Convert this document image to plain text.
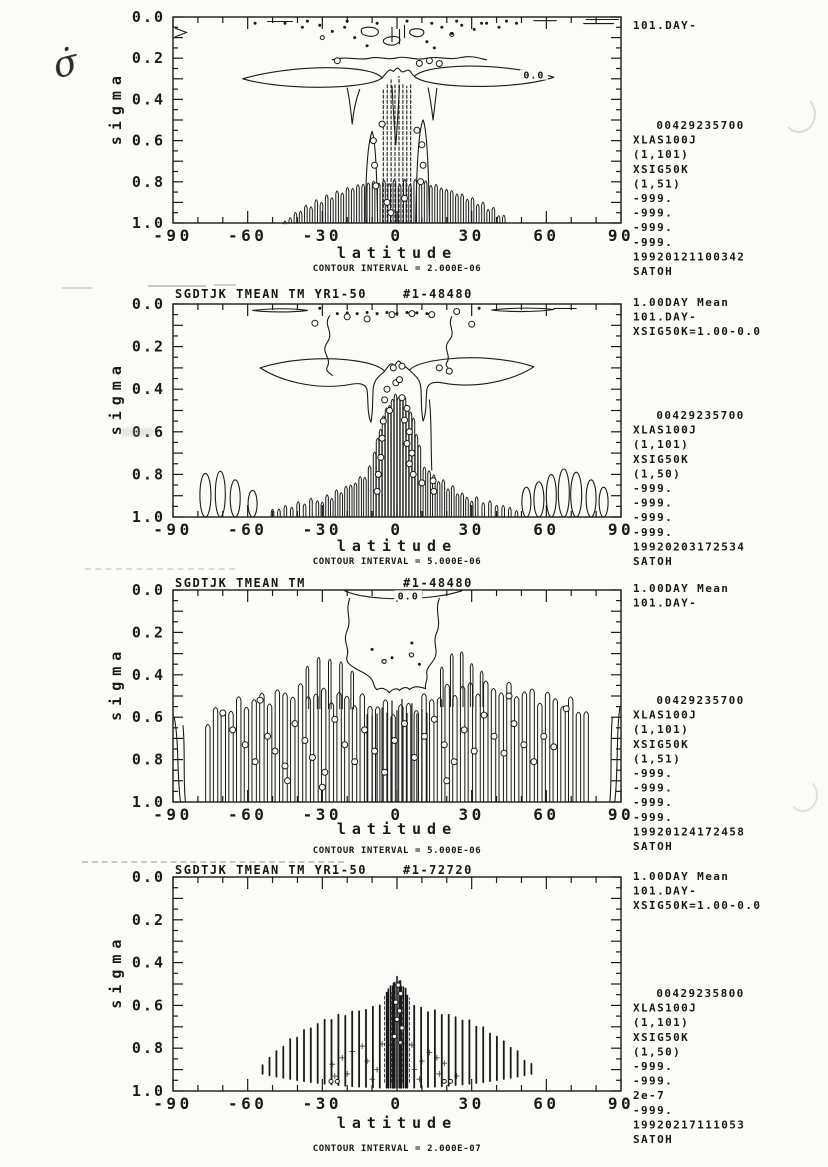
σ̇
0.0
0.2
0.4
0.6
0.8
1.0
-90 -60 -30	0	30	60	90
latitude
sigma
CONTOUR INTERVAL = 2.000E-06
0.0
101.DAY-
00429235700
XLAS100J
(1,101)
XSIG50K
(1,51)
-999.
-999.
-999.
-999.
19920121100342
SATOH
0.0
0.2
0.4
0.6
0.8
1.0
-90 -60 -30	0	30	60	90
latitude
sigma
SGDTJK TMEAN TM YR1-50	#1-48480
CONTOUR INTERVAL = 5.000E-06
1.00DAY Mean
101.DAY-
XSIG50K=1.00-0.0
00429235700
XLAS100J
(1,101)
XSIG50K
(1,50)
-999.
-999.
-999.
-999.
19920203172534
SATOH
0.0
0.2
0.4
0.6
0.8
1.0
-90 -60 -30	0	30	60	90
latitude
sigma
SGDTJK TMEAN TM	#1-48480
CONTOUR INTERVAL = 5.000E-06
0.0
1.00DAY Mean
101.DAY-
00429235700
XLAS100J
(1,101)
XSIG50K
(1,51)
-999.
-999.
-999.
-999.
19920124172458
SATOH
0.0
0.2
0.4
0.6
0.8
1.0
-90 -60 -30	0	30	60	90
latitude
sigma
SGDTJK TMEAN TM YR1-50	#1-72720
CONTOUR INTERVAL = 2.000E-07
1.00DAY Mean
101.DAY-
XSIG50K=1.00-0.0
00429235800
XLAS100J
(1,101)
XSIG50K
(1,50)
-999.
-999.
2e-7
-999.
19920217111053
SATOH
